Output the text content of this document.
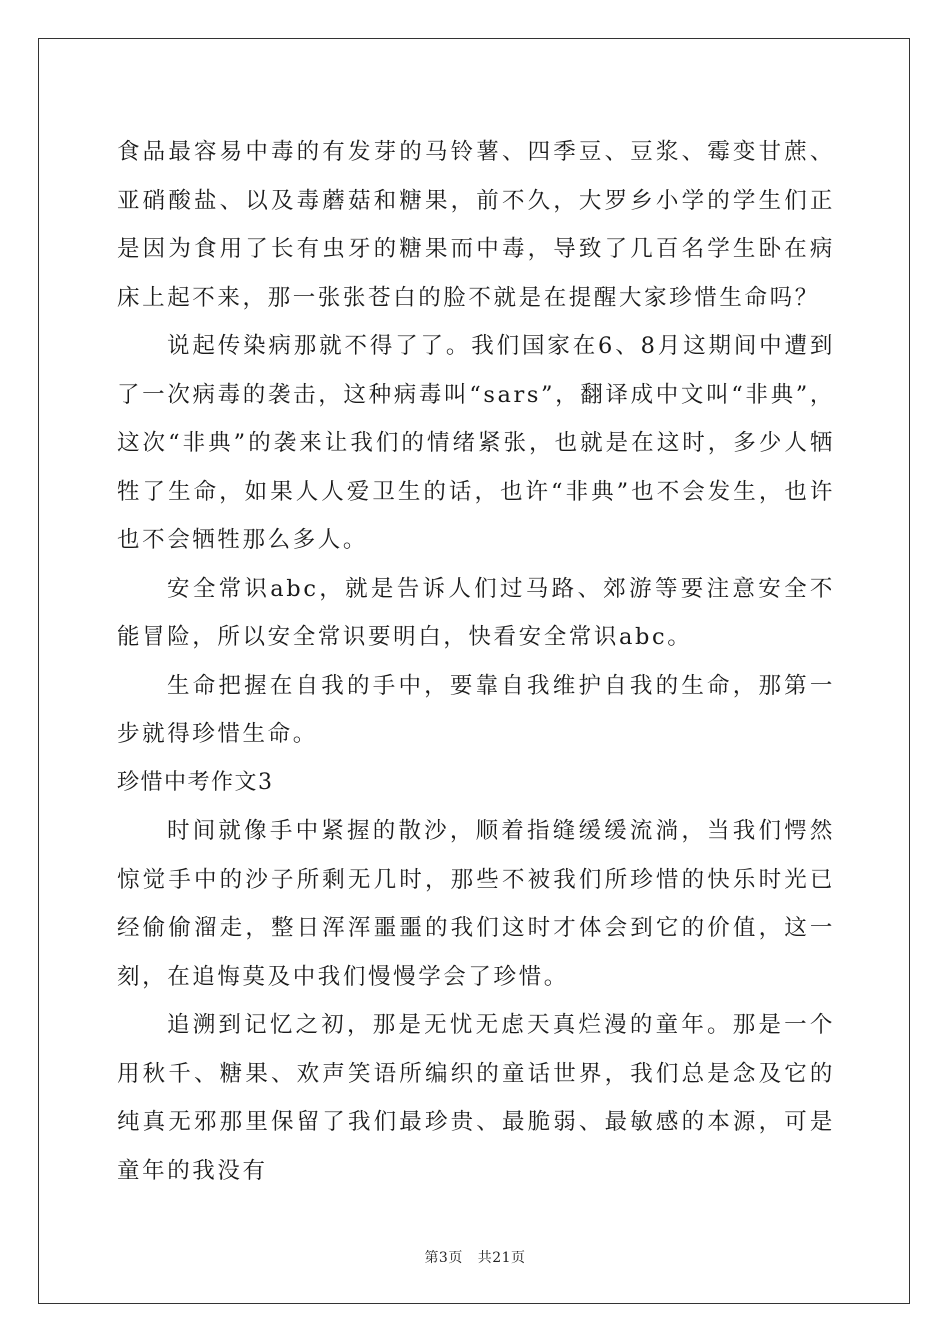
食品最容易中毒的有发芽的马铃薯、四季豆、豆浆、霉变甘蔗、亚硝酸盐、以及毒蘑菇和糖果，前不久，大罗乡小学的学生们正是因为食用了长有虫牙的糖果而中毒，导致了几百名学生卧在病床上起不来，那一张张苍白的脸不就是在提醒大家珍惜生命吗？

说起传染病那就不得了了。我们国家在6、8月这期间中遭到了一次病毒的袭击，这种病毒叫“sars”，翻译成中文叫“非典”，这次“非典”的袭来让我们的情绪紧张，也就是在这时，多少人牺牲了生命，如果人人爱卫生的话，也许“非典”也不会发生，也许也不会牺牲那么多人。

安全常识abc，就是告诉人们过马路、郊游等要注意安全不能冒险，所以安全常识要明白，快看安全常识abc。

生命把握在自我的手中，要靠自我维护自我的生命，那第一步就得珍惜生命。

珍惜中考作文3

时间就像手中紧握的散沙，顺着指缝缓缓流淌，当我们愕然惊觉手中的沙子所剩无几时，那些不被我们所珍惜的快乐时光已经偷偷溜走，整日浑浑噩噩的我们这时才体会到它的价值，这一刻，在追悔莫及中我们慢慢学会了珍惜。

追溯到记忆之初，那是无忧无虑天真烂漫的童年。那是一个用秋千、糖果、欢声笑语所编织的童话世界，我们总是念及它的纯真无邪那里保留了我们最珍贵、最脆弱、最敏感的本源，可是童年的我没有

第3页 共21页
